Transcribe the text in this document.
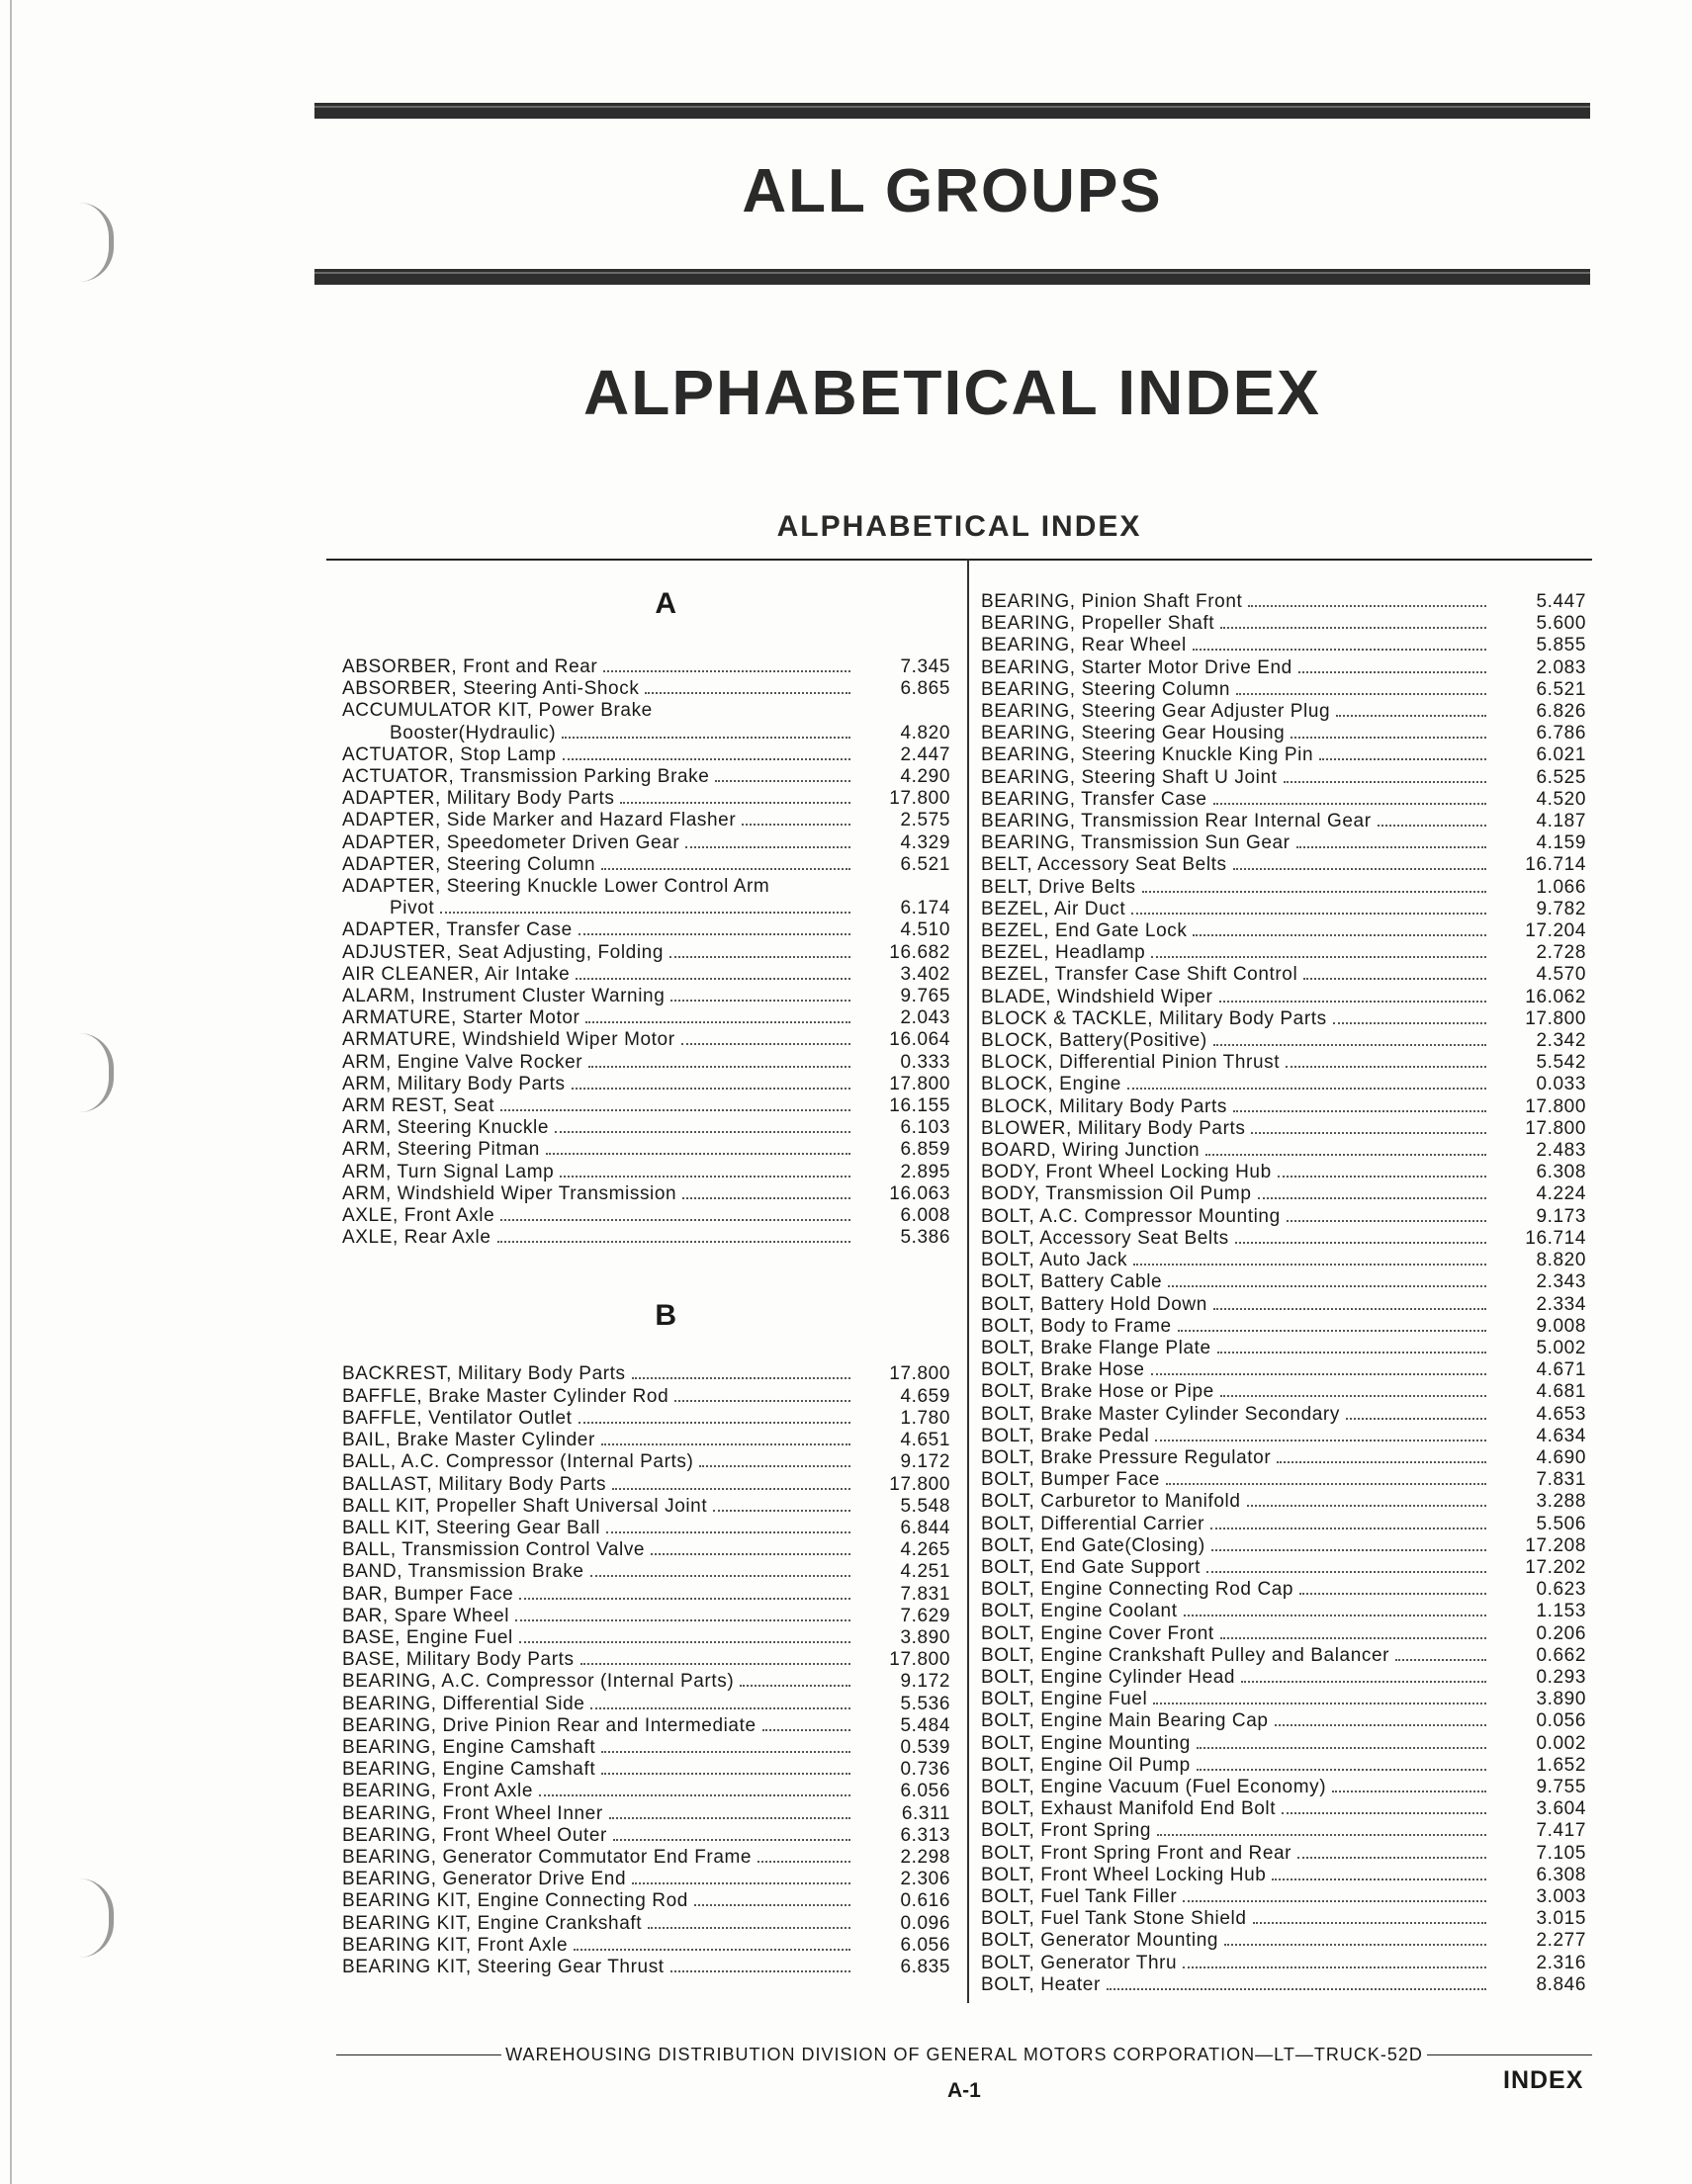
ALL GROUPS
ALPHABETICAL INDEX
ALPHABETICAL INDEX
A
ABSORBER, Front and Rear	7.345
ABSORBER, Steering Anti-Shock	6.865
ACCUMULATOR KIT, Power Brake
Booster(Hydraulic)	4.820
ACTUATOR, Stop Lamp	2.447
ACTUATOR, Transmission Parking Brake	4.290
ADAPTER, Military Body Parts	17.800
ADAPTER, Side Marker and Hazard Flasher	2.575
ADAPTER, Speedometer Driven Gear	4.329
ADAPTER, Steering Column	6.521
ADAPTER, Steering Knuckle Lower Control Arm
Pivot	6.174
ADAPTER, Transfer Case	4.510
ADJUSTER, Seat Adjusting, Folding	16.682
AIR CLEANER, Air Intake	3.402
ALARM, Instrument Cluster Warning	9.765
ARMATURE, Starter Motor	2.043
ARMATURE, Windshield Wiper Motor	16.064
ARM, Engine Valve Rocker	0.333
ARM, Military Body Parts	17.800
ARM REST, Seat	16.155
ARM, Steering Knuckle	6.103
ARM, Steering Pitman	6.859
ARM, Turn Signal Lamp	2.895
ARM, Windshield Wiper Transmission	16.063
AXLE, Front Axle	6.008
AXLE, Rear Axle	5.386
B
BACKREST, Military Body Parts	17.800
BAFFLE, Brake Master Cylinder Rod	4.659
BAFFLE, Ventilator Outlet	1.780
BAIL, Brake Master Cylinder	4.651
BALL, A.C. Compressor (Internal Parts)	9.172
BALLAST, Military Body Parts	17.800
BALL KIT, Propeller Shaft Universal Joint	5.548
BALL KIT, Steering Gear Ball	6.844
BALL, Transmission Control Valve	4.265
BAND, Transmission Brake	4.251
BAR, Bumper Face	7.831
BAR, Spare Wheel	7.629
BASE, Engine Fuel	3.890
BASE, Military Body Parts	17.800
BEARING, A.C. Compressor (Internal Parts)	9.172
BEARING, Differential Side	5.536
BEARING, Drive Pinion Rear and Intermediate	5.484
BEARING, Engine Camshaft	0.539
BEARING, Engine Camshaft	0.736
BEARING, Front Axle	6.056
BEARING, Front Wheel Inner	6.311
BEARING, Front Wheel Outer	6.313
BEARING, Generator Commutator End Frame	2.298
BEARING, Generator Drive End	2.306
BEARING KIT, Engine Connecting Rod	0.616
BEARING KIT, Engine Crankshaft	0.096
BEARING KIT, Front Axle	6.056
BEARING KIT, Steering Gear Thrust	6.835
BEARING, Pinion Shaft Front	5.447
BEARING, Propeller Shaft	5.600
BEARING, Rear Wheel	5.855
BEARING, Starter Motor Drive End	2.083
BEARING, Steering Column	6.521
BEARING, Steering Gear Adjuster Plug	6.826
BEARING, Steering Gear Housing	6.786
BEARING, Steering Knuckle King Pin	6.021
BEARING, Steering Shaft U Joint	6.525
BEARING, Transfer Case	4.520
BEARING, Transmission Rear Internal Gear	4.187
BEARING, Transmission Sun Gear	4.159
BELT, Accessory Seat Belts	16.714
BELT, Drive Belts	1.066
BEZEL, Air Duct	9.782
BEZEL, End Gate Lock	17.204
BEZEL, Headlamp	2.728
BEZEL, Transfer Case Shift Control	4.570
BLADE, Windshield Wiper	16.062
BLOCK & TACKLE, Military Body Parts	17.800
BLOCK, Battery(Positive)	2.342
BLOCK, Differential Pinion Thrust	5.542
BLOCK, Engine	0.033
BLOCK, Military Body Parts	17.800
BLOWER, Military Body Parts	17.800
BOARD, Wiring Junction	2.483
BODY, Front Wheel Locking Hub	6.308
BODY, Transmission Oil Pump	4.224
BOLT, A.C. Compressor Mounting	9.173
BOLT, Accessory Seat Belts	16.714
BOLT, Auto Jack	8.820
BOLT, Battery Cable	2.343
BOLT, Battery Hold Down	2.334
BOLT, Body to Frame	9.008
BOLT, Brake Flange Plate	5.002
BOLT, Brake Hose	4.671
BOLT, Brake Hose or Pipe	4.681
BOLT, Brake Master Cylinder Secondary	4.653
BOLT, Brake Pedal	4.634
BOLT, Brake Pressure Regulator	4.690
BOLT, Bumper Face	7.831
BOLT, Carburetor to Manifold	3.288
BOLT, Differential Carrier	5.506
BOLT, End Gate(Closing)	17.208
BOLT, End Gate Support	17.202
BOLT, Engine Connecting Rod Cap	0.623
BOLT, Engine Coolant	1.153
BOLT, Engine Cover Front	0.206
BOLT, Engine Crankshaft Pulley and Balancer	0.662
BOLT, Engine Cylinder Head	0.293
BOLT, Engine Fuel	3.890
BOLT, Engine Main Bearing Cap	0.056
BOLT, Engine Mounting	0.002
BOLT, Engine Oil Pump	1.652
BOLT, Engine Vacuum (Fuel Economy)	9.755
BOLT, Exhaust Manifold End Bolt	3.604
BOLT, Front Spring	7.417
BOLT, Front Spring Front and Rear	7.105
BOLT, Front Wheel Locking Hub	6.308
BOLT, Fuel Tank Filler	3.003
BOLT, Fuel Tank Stone Shield	3.015
BOLT, Generator Mounting	2.277
BOLT, Generator Thru	2.316
BOLT, Heater	8.846
WAREHOUSING DISTRIBUTION DIVISION OF GENERAL MOTORS CORPORATION—LT—TRUCK-52D
A-1	INDEX
